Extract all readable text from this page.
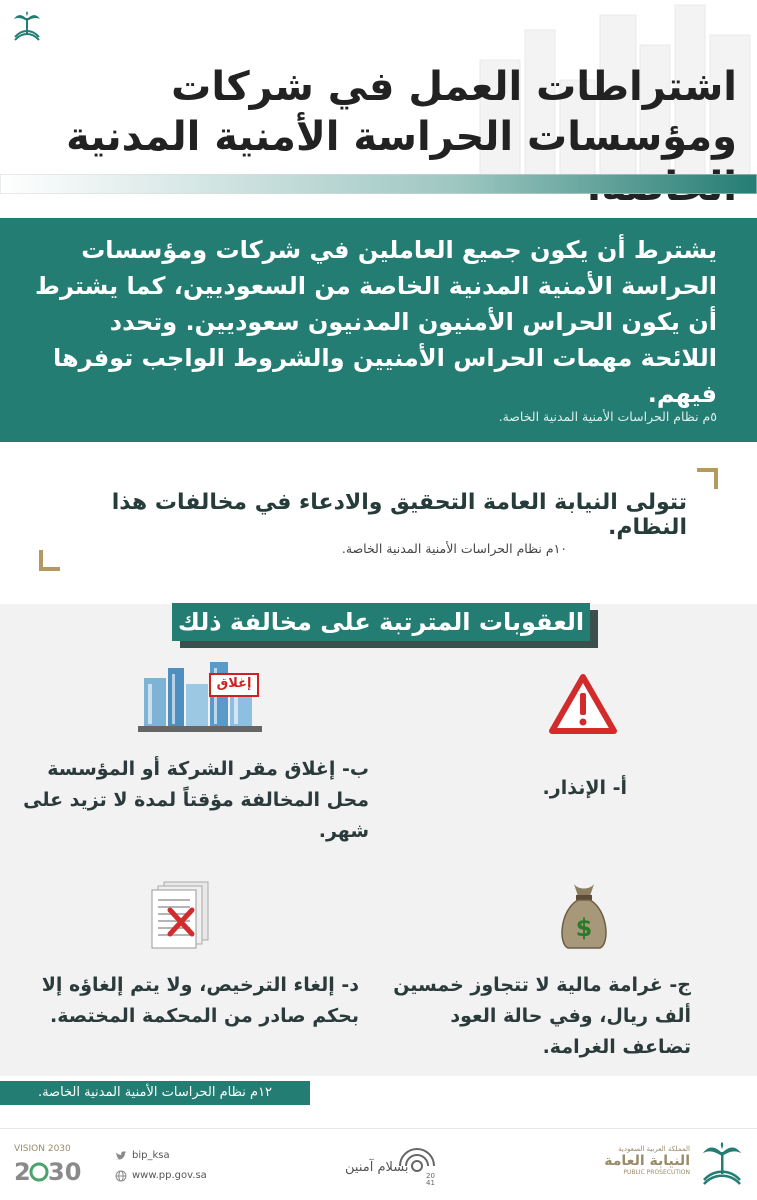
اشتراطات العمل في شركات
ومؤسسات الحراسة الأمنية المدنية
يشترط أن يكون جميع العاملين في شركات ومؤسسات الحراسة الأمنية المدنية الخاصة من السعوديين، كما يشترط أن يكون الحراس الأمنيون المدنيون سعوديين. وتحدد اللائحة مهمات الحراس الأمنيين والشروط الواجب توفرها فيهم.
٥م نظام الحراسات الأمنية المدنية الخاصة.
تتولى النيابة العامة التحقيق والادعاء في مخالفات هذا النظام.
١٠م نظام الحراسات الأمنية المدنية الخاصة.
العقوبات المترتبة على مخالفة ذلك
أ- الإنذار.
إغلاق
ب- إغلاق مقر الشركة أو المؤسسة محل المخالفة مؤقتاً لمدة لا تزيد على شهر.
$
ج- غرامة مالية لا تتجاوز خمسين ألف ريال، وفي حالة العود تضاعف الغرامة.
د- إلغاء الترخيص، ولا يتم إلغاؤه إلا بحكم صادر من المحكمة المختصة.
١٢م نظام الحراسات الأمنية المدنية الخاصة.
2 30
VISION 2030
bip_ksa
www.pp.gov.sa	20
41
بسلام آمنين
المملكة العربية السعودية
النيابة العامة
PUBLIC PROSECUTION
